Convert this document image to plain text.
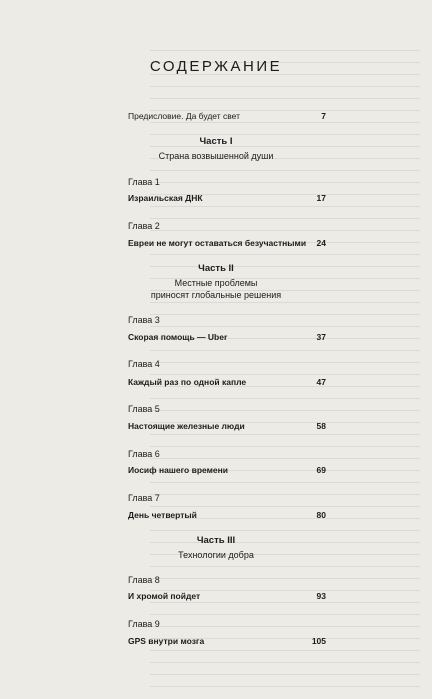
СОДЕРЖАНИЕ
Предисловие. Да будет свет	7
Часть I
Страна возвышенной души
Глава 1
Израильская ДНК	17
Глава 2
Евреи не могут оставаться безучастными 24
Часть II
Местные проблемы
приносят глобальные решения
Глава 3
Скорая помощь — Uber	37
Глава 4
Каждый раз по одной капле	47
Глава 5
Настоящие железные люди	58
Глава 6
Иосиф нашего времени	69
Глава 7
День четвертый	80
Часть III
Технологии добра
Глава 8
И хромой пойдет	93
Глава 9
GPS внутри мозга	105
